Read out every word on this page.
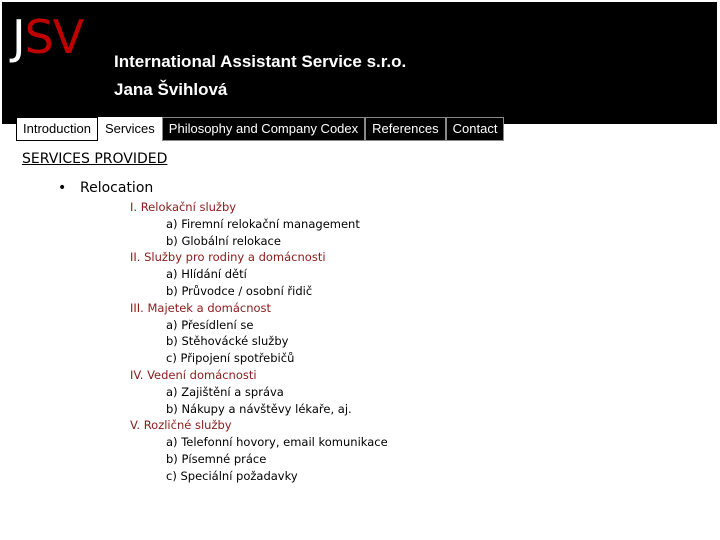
JSV International Assistant Service s.r.o.
Jana Švihlová
Introduction	Services	Philosophy and Company Codex	References	Contact
SERVICES PROVIDED
• Relocation
I. Relokační služby
a) Firemní relokační management
b) Globální relokace
II. Služby pro rodiny a domácnosti
a) Hlídání dětí
b) Průvodce / osobní řidič
III. Majetek a domácnost
a) Přesídlení se
b) Stěhovácké služby
c) Připojení spotřebičů
IV. Vedení domácnosti
a) Zajištění a správa
b) Nákupy a návštěvy lékaře, aj.
V. Rozličné služby
a) Telefonní hovory, email komunikace
b) Písemné práce
c) Speciální požadavky
